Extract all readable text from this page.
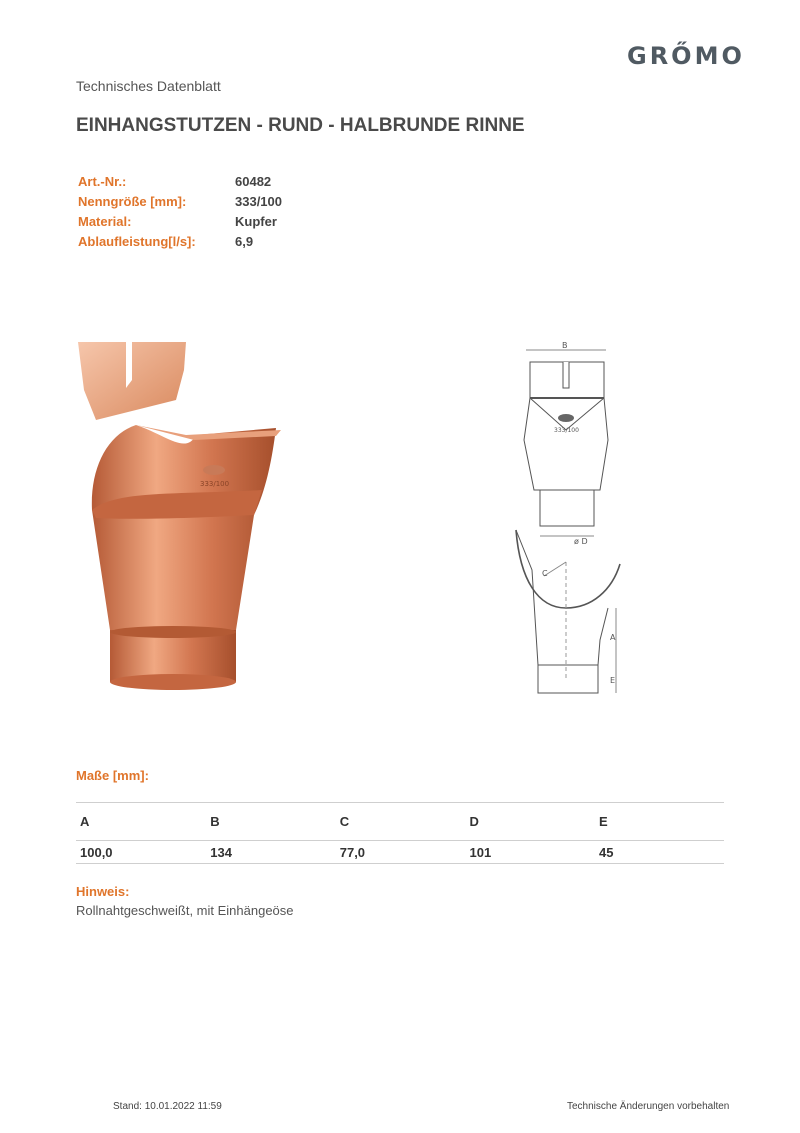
GRŐMO
Technisches Datenblatt
EINHANGSTUTZEN - RUND - HALBRUNDE RINNE
Art.-Nr.:	60482
Nenngröße [mm]:	333/100
Material:	Kupfer
Ablaufleistung[l/s]:	6,9
333/100
B
333/100
ø D
C
A
E
Maße [mm]:
A	B	C	D	E
100,0	134	77,0	101	45
Hinweis:
Rollnahtgeschweißt, mit Einhängeöse
Stand: 10.01.2022 11:59	Technische Änderungen vorbehalten
